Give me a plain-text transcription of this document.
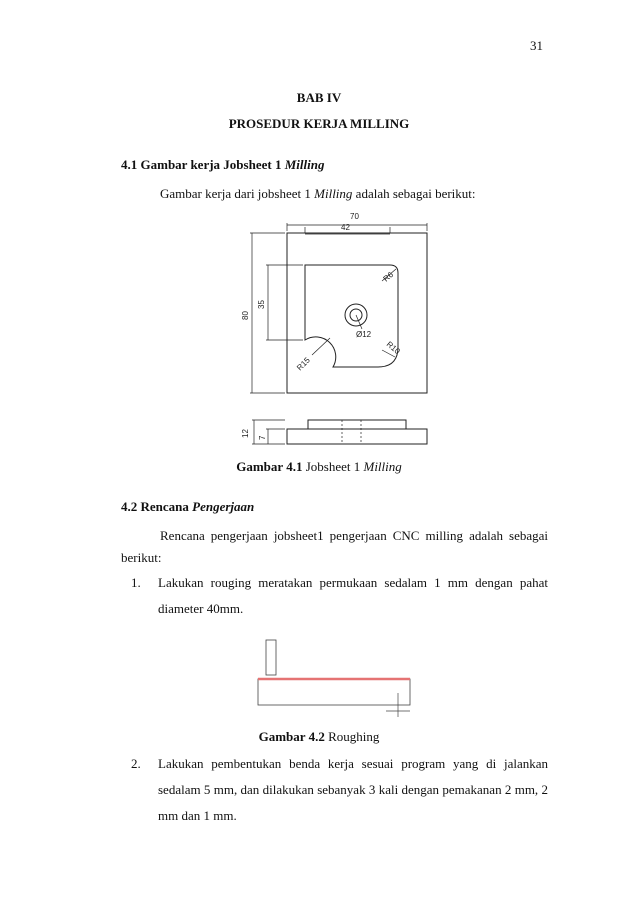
31
BAB IV
PROSEDUR KERJA MILLING
4.1 Gambar kerja Jobsheet 1 Milling
Gambar kerja dari jobsheet 1 Milling adalah sebagai berikut:
70
42
80
35
R6
R10
R15
Ø12
12 7
Gambar 4.1 Jobsheet 1 Milling
4.2 Rencana Pengerjaan
Rencana pengerjaan jobsheet1 pengerjaan CNC milling adalah sebagai
berikut:
1. Lakukan rouging meratakan permukaan sedalam 1 mm dengan pahat
diameter 40mm.
Gambar 4.2 Roughing
2. Lakukan pembentukan benda kerja sesuai program yang di jalankan
sedalam 5 mm, dan dilakukan sebanyak 3 kali dengan pemakanan 2 mm, 2
mm dan 1 mm.
